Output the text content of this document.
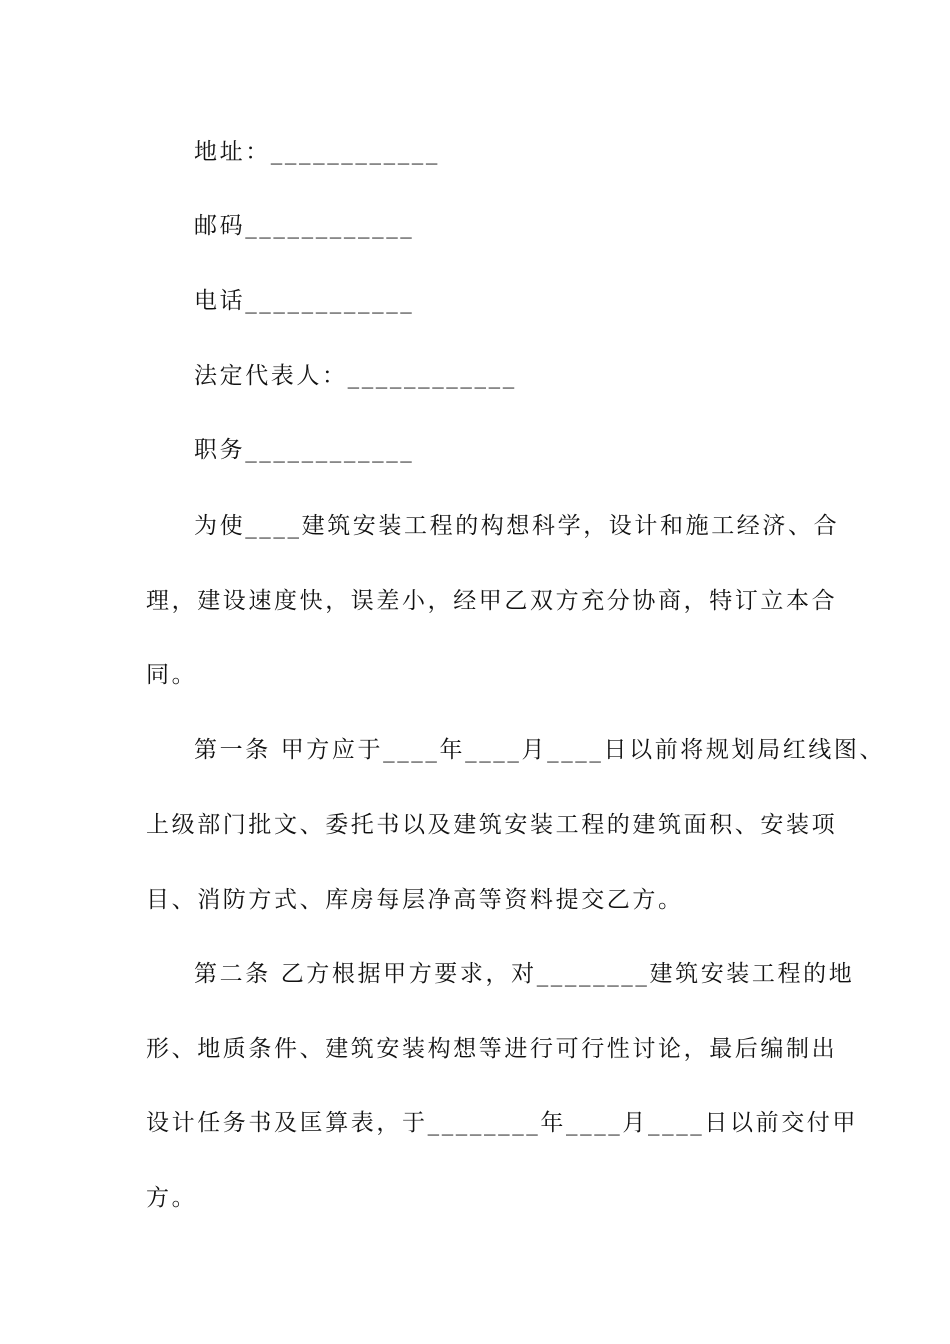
地址：____________
邮码____________
电话____________
法定代表人：____________
职务____________
为使____建筑安装工程的构想科学，设计和施工经济、合
理，建设速度快，误差小，经甲乙双方充分协商，特订立本合
同。
第一条 甲方应于____年____月____日以前将规划局红线图、
上级部门批文、委托书以及建筑安装工程的建筑面积、安装项
目、消防方式、库房每层净高等资料提交乙方。
第二条 乙方根据甲方要求，对________建筑安装工程的地
形、地质条件、建筑安装构想等进行可行性讨论，最后编制出
设计任务书及匡算表，于________年____月____日以前交付甲
方。
